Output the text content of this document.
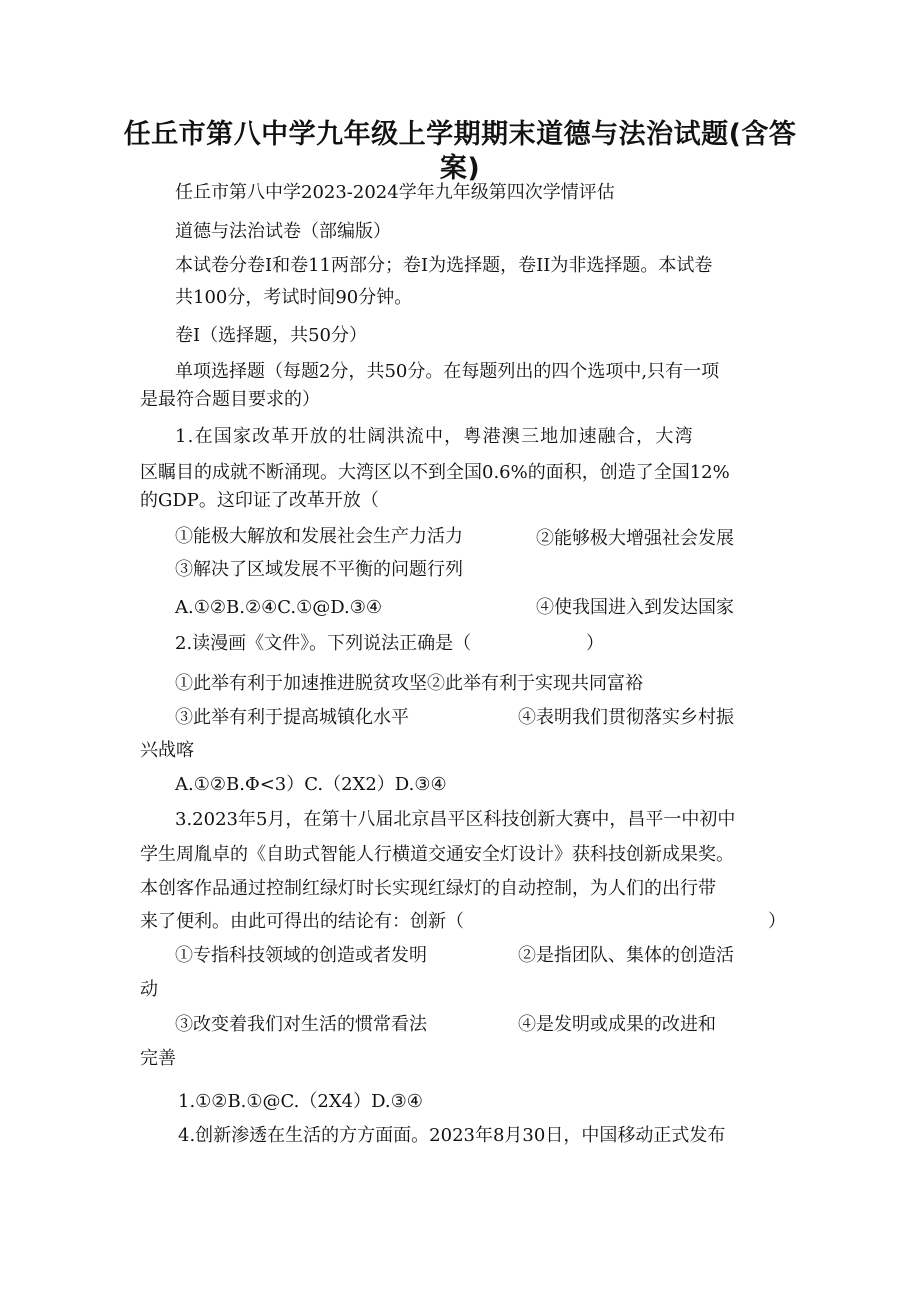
任丘市第八中学九年级上学期期末道德与法治试题(含答
案)
任丘市第八中学2023-2024学年九年级第四次学情评估
道德与法治试卷（部编版）
本试卷分卷I和卷11两部分；卷I为选择题，卷II为非选择题。本试卷
共100分，考试时间90分钟。
卷I（选择题，共50分）
单项选择题（每题2分，共50分。在每题列出的四个选项中,只有一项
是最符合题目要求的）
1.在国家改革开放的壮阔洪流中，粤港澳三地加速融合，大湾
区瞩目的成就不断涌现。大湾区以不到全国0.6%的面积，创造了全国12%
的GDP。这印证了改革开放（
①能极大解放和发展社会生产力活力	②能够极大增强社会发展
③解决了区域发展不平衡的问题行列
A.①②B.②④C.①@D.③④	④使我国进入到发达国家
2.读漫画《文件》。下列说法正确是（	）
①此举有利于加速推进脱贫攻坚②此举有利于实现共同富裕
③此举有利于提高城镇化水平	④表明我们贯彻落实乡村振
兴战喀
A.①②B.Φ<3）C.（2X2）D.③④
3.2023年5月，在第十八届北京昌平区科技创新大赛中，昌平一中初中
学生周胤卓的《自助式智能人行横道交通安全灯设计》获科技创新成果奖。
本创客作品通过控制红绿灯时长实现红绿灯的自动控制，为人们的出行带
来了便利。由此可得出的结论有：创新（	）
①专指科技领域的创造或者发明	②是指团队、集体的创造活
动
③改变着我们对生活的惯常看法	④是发明或成果的改进和
完善
1.①②B.①@C.（2X4）D.③④
4.创新渗透在生活的方方面面。2023年8月30日，中国移动正式发布
